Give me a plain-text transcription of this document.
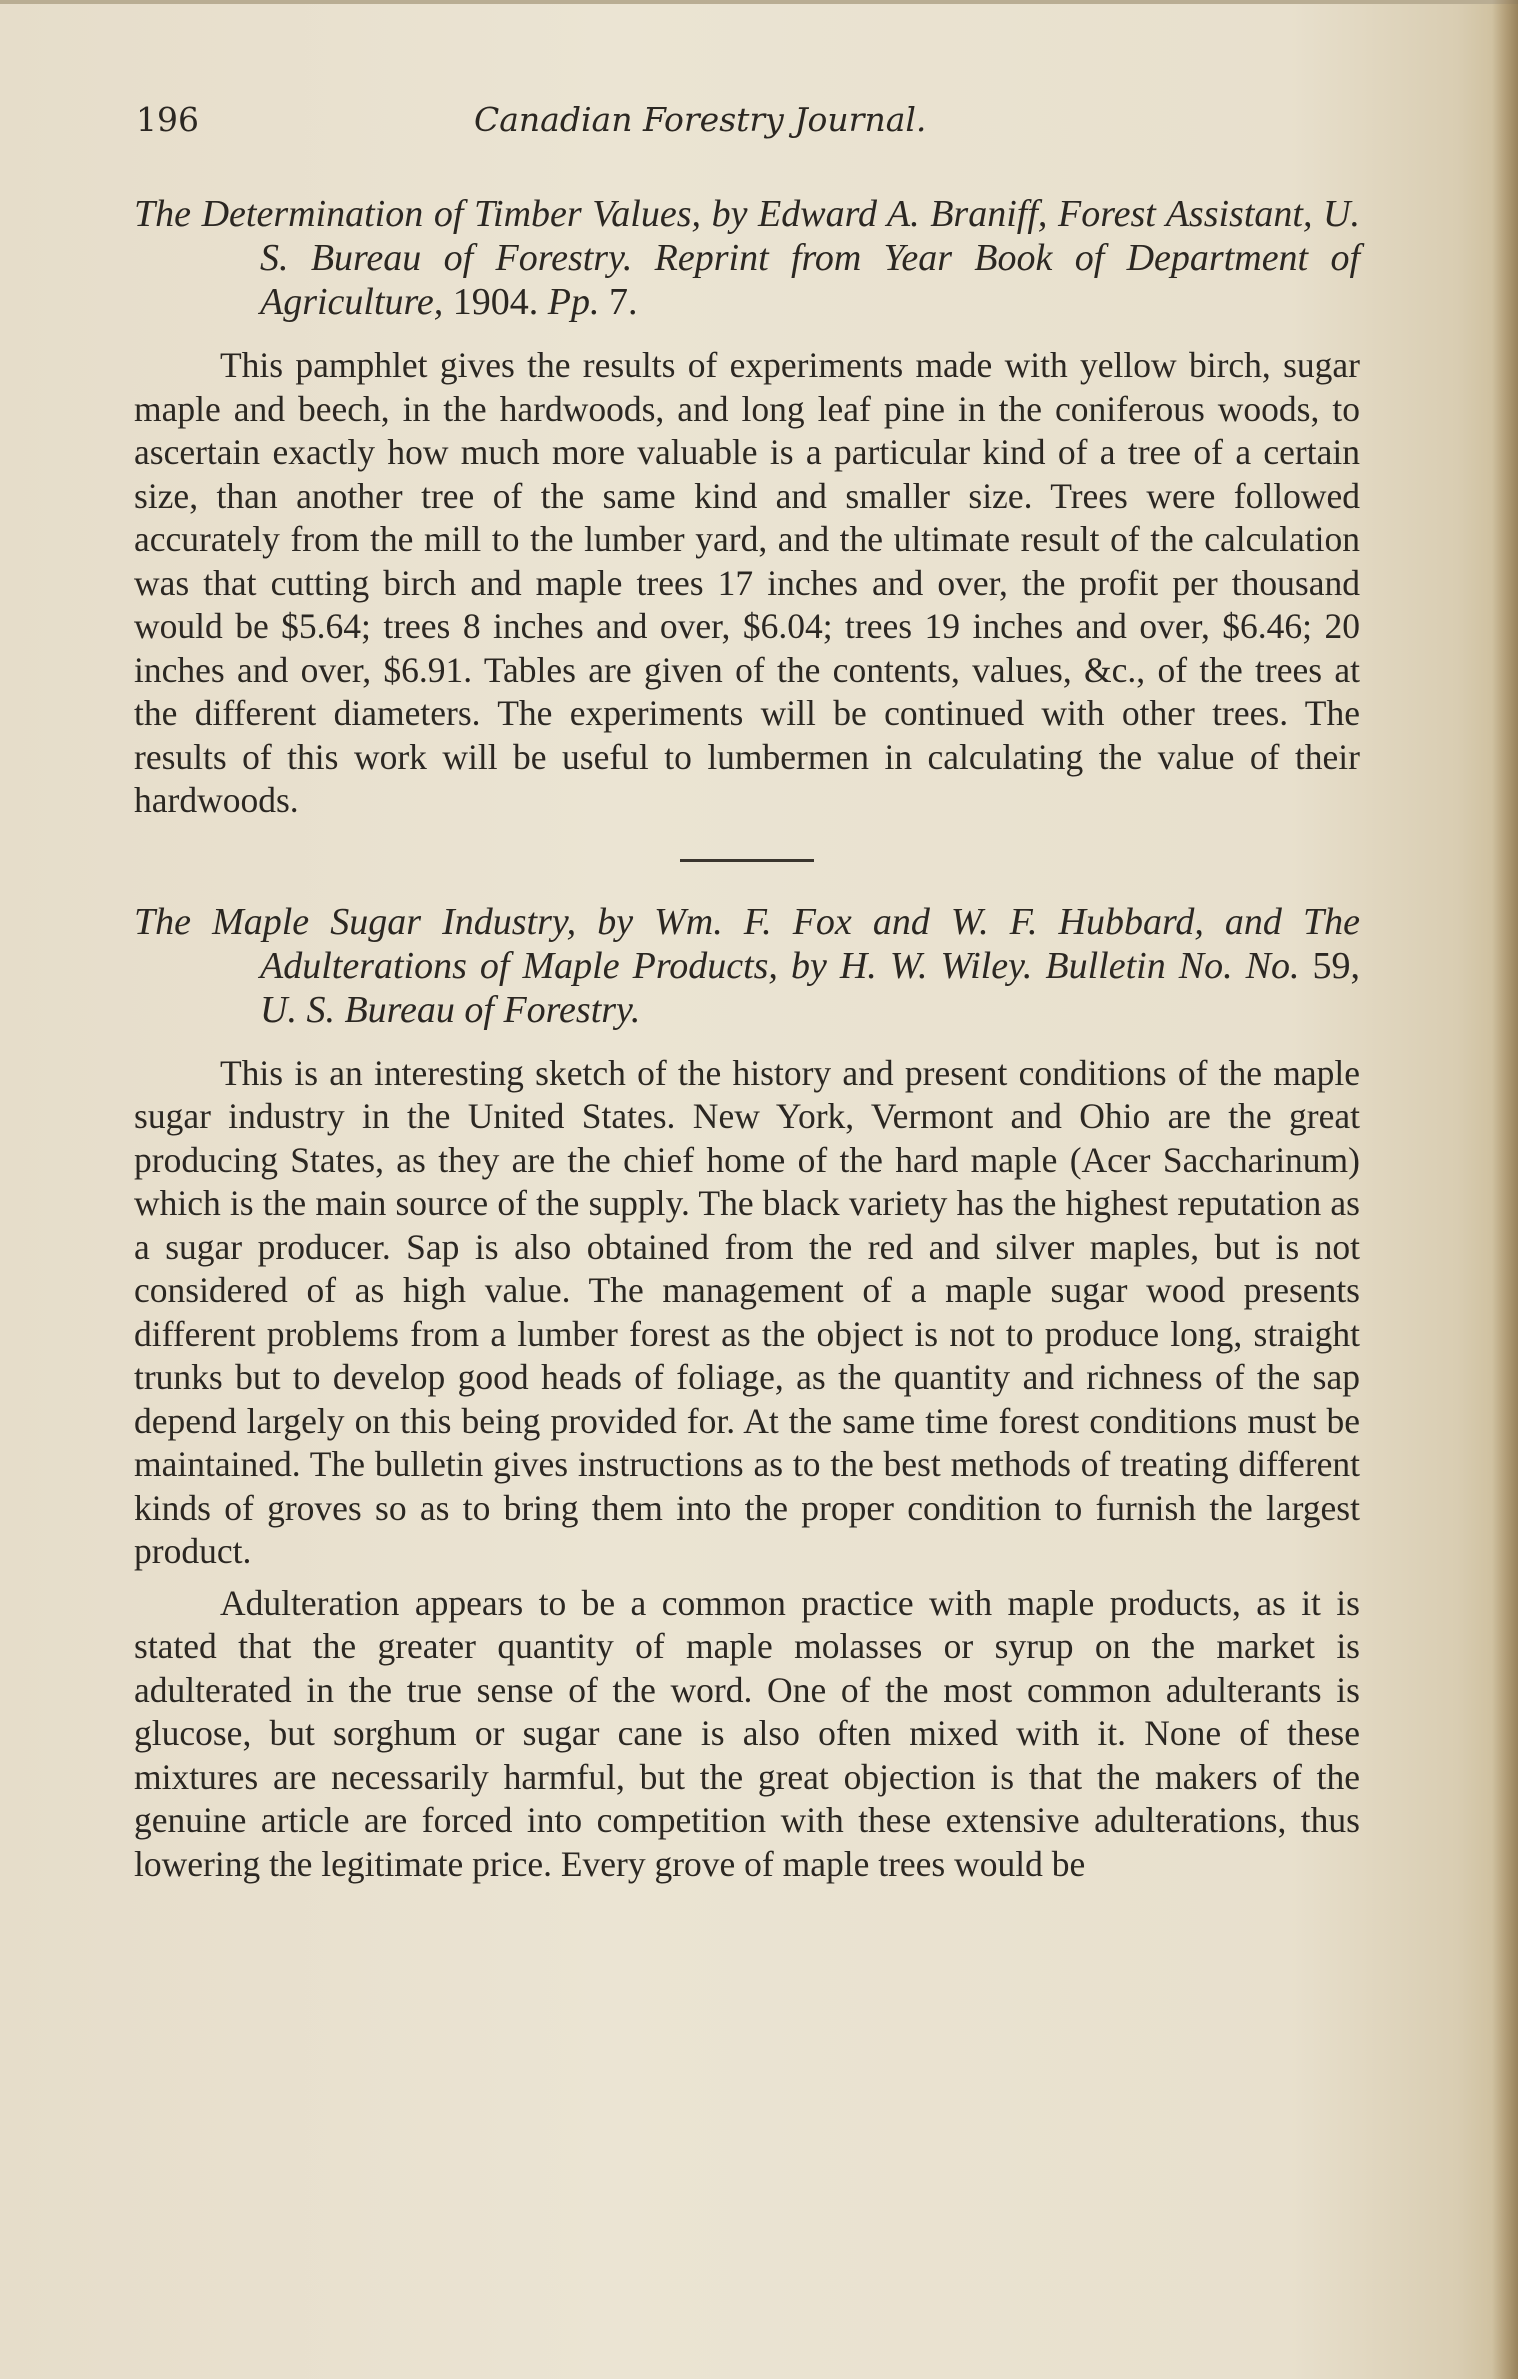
196	Canadian Forestry Journal.

The Determination of Timber Values, by Edward A. Braniff, Forest Assistant, U. S. Bureau of Forestry. Reprint from Year Book of Department of Agriculture, 1904. Pp. 7.

This pamphlet gives the results of experiments made with yellow birch, sugar maple and beech, in the hardwoods, and long leaf pine in the coniferous woods, to ascertain exactly how much more valuable is a particular kind of a tree of a certain size, than another tree of the same kind and smaller size. Trees were followed accurately from the mill to the lumber yard, and the ultimate result of the calculation was that cutting birch and maple trees 17 inches and over, the profit per thousand would be $5.64; trees 8 inches and over, $6.04; trees 19 inches and over, $6.46; 20 inches and over, $6.91. Tables are given of the contents, values, &c., of the trees at the different diameters. The experiments will be continued with other trees. The results of this work will be useful to lumbermen in calculating the value of their hardwoods.

The Maple Sugar Industry, by Wm. F. Fox and W. F. Hubbard, and The Adulterations of Maple Products, by H. W. Wiley. Bulletin No. No. 59, U. S. Bureau of Forestry.

This is an interesting sketch of the history and present conditions of the maple sugar industry in the United States. New York, Vermont and Ohio are the great producing States, as they are the chief home of the hard maple (Acer Saccharinum) which is the main source of the supply. The black variety has the highest reputation as a sugar producer. Sap is also obtained from the red and silver maples, but is not considered of as high value. The management of a maple sugar wood presents different problems from a lumber forest as the object is not to produce long, straight trunks but to develop good heads of foliage, as the quantity and richness of the sap depend largely on this being provided for. At the same time forest conditions must be maintained. The bulletin gives instructions as to the best methods of treating different kinds of groves so as to bring them into the proper condition to furnish the largest product.

Adulteration appears to be a common practice with maple products, as it is stated that the greater quantity of maple molasses or syrup on the market is adulterated in the true sense of the word. One of the most common adulterants is glucose, but sorghum or sugar cane is also often mixed with it. None of these mixtures are necessarily harmful, but the great objection is that the makers of the genuine article are forced into competition with these extensive adulterations, thus lowering the legitimate price. Every grove of maple trees would be
